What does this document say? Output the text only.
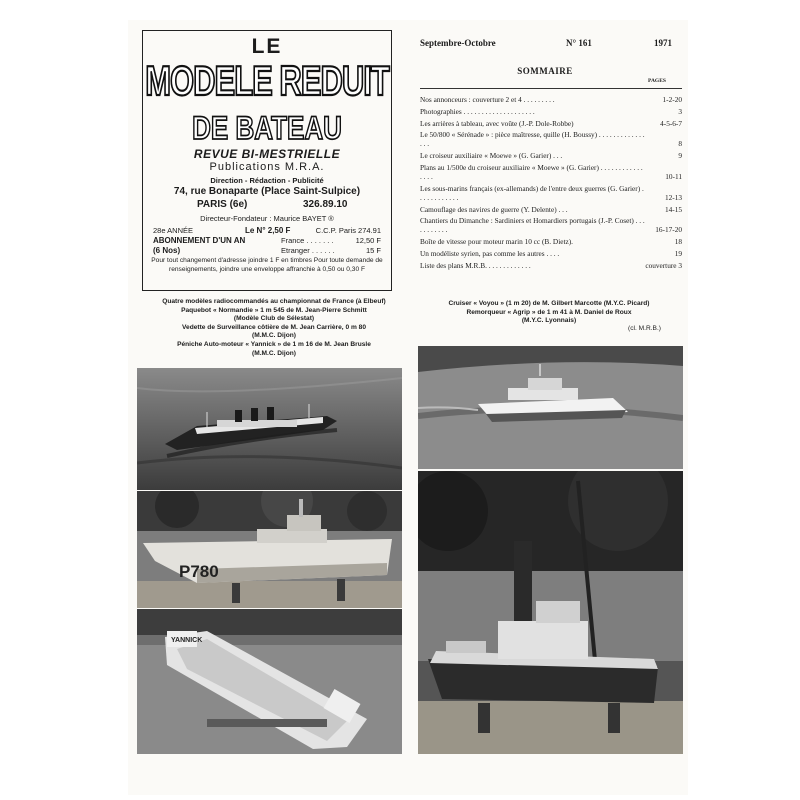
LE
MODELE REDUIT
DE BATEAU
REVUE BI-MESTRIELLE
Publications M.R.A.
Direction - Rédaction - Publicité
74, rue Bonaparte (Place Saint-Sulpice)
PARIS (6e)	326.89.10
Directeur-Fondateur : Maurice BAYET ®
28e ANNÉE	Le N° 2,50 F	C.C.P. Paris 274.91
ABONNEMENT D'UN AN	France . . . . . . .	12,50 F
(6 Nos)	Etranger . . . . . .	15 F
Pour tout changement d'adresse joindre 1 F en timbres Pour toute demande de renseignements, joindre une enveloppe affranchie à 0,50 ou 0,30 F
Septembre-Octobre	N° 161	1971
SOMMAIRE
PAGES
Nos annonceurs : couverture 2 et 4 . . . . . . . . .	1-2-20
Photographies . . . . . . . . . . . . . . . . . . . .	3
Les arrières à tableau, avec voûte (J.-P. Dole-Robbe)	4-5-6-7
Le 50/800 « Sérénade » : pièce maîtresse, quille (H. Boussy) . . . . . . . . . . . . . . . .	8
Le croiseur auxiliaire « Moewe » (G. Garier) . . .	9
Plans au 1/500e du croiseur auxiliaire « Moewe » (G. Garier) . . . . . . . . . . . . . . . .	10-11
Les sous-marins français (ex-allemands) de l'entre deux guerres (G. Garier) . . . . . . . . . . . .	12-13
Camouflage des navires de guerre (Y. Delente) . . .	14-15
Chantiers du Dimanche : Sardiniers et Homardiers portugais (J.-P. Coset) . . . . . . . . . . .	16-17-20
Boîte de vitesse pour moteur marin 10 cc (B. Dietz).	18
Un modéliste syrien, pas comme les autres . . . .	19
Liste des plans M.R.B. . . . . . . . . . . . .	couverture 3
Quatre modèles radiocommandés au championnat de France (à Elbeuf)
Paquebot « Normandie » 1 m 545 de M. Jean-Pierre Schmitt
(Modèle Club de Sélestat)
Vedette de Surveillance côtière de M. Jean Carrière, 0 m 80
(M.M.C. Dijon)
Péniche Auto-moteur « Yannick » de 1 m 16 de M. Jean Brusle
(M.M.C. Dijon)
Cruiser « Voyou » (1 m 20) de M. Gilbert Marcotte (M.Y.C. Picard)
Remorqueur « Agrip » de 1 m 41 à M. Daniel de Roux
(M.Y.C. Lyonnais)
(cl. M.R.B.)
P780
YANNICK
